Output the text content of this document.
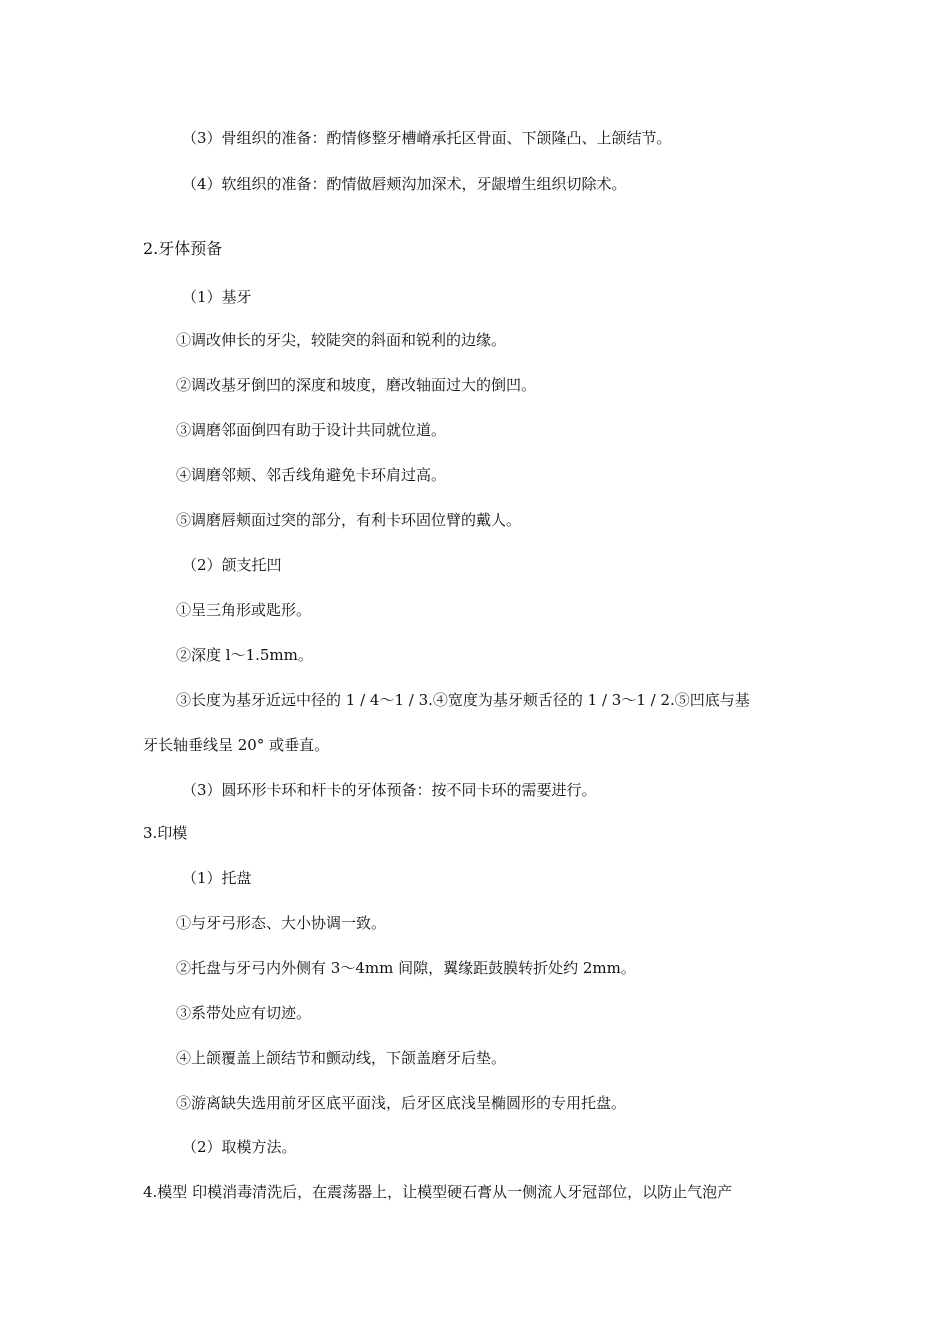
（3）骨组织的准备：酌情修整牙槽嵴承托区骨面、下颌隆凸、上颌结节。

（4）软组织的准备：酌情做唇颊沟加深术，牙龈增生组织切除术。

2.牙体预备

（1）基牙

①调改伸长的牙尖，较陡突的斜面和锐利的边缘。

②调改基牙倒凹的深度和坡度，磨改轴面过大的倒凹。

③调磨邻面倒四有助于设计共同就位道。

④调磨邻颊、邻舌线角避免卡环肩过高。

⑤调磨唇颊面过突的部分，有利卡环固位臂的戴人。

（2）颌支托凹

①呈三角形或匙形。

②深度 l～1.5mm。

③长度为基牙近远中径的 1 / 4～1 / 3.④宽度为基牙颊舌径的 1 / 3～1 / 2.⑤凹底与基

牙长轴垂线呈 20° 或垂直。

（3）圆环形卡环和杆卡的牙体预备：按不同卡环的需要进行。

3.印模

（1）托盘

①与牙弓形态、大小协调一致。

②托盘与牙弓内外侧有 3～4mm 间隙，翼缘距鼓膜转折处约 2mm。

③系带处应有切迹。

④上颌覆盖上颌结节和颤动线，下颌盖磨牙后垫。

⑤游离缺失选用前牙区底平面浅，后牙区底浅呈椭圆形的专用托盘。

（2）取模方法。

4.模型 印模消毒清洗后，在震荡器上，让模型硬石膏从一侧流人牙冠部位，以防止气泡产
